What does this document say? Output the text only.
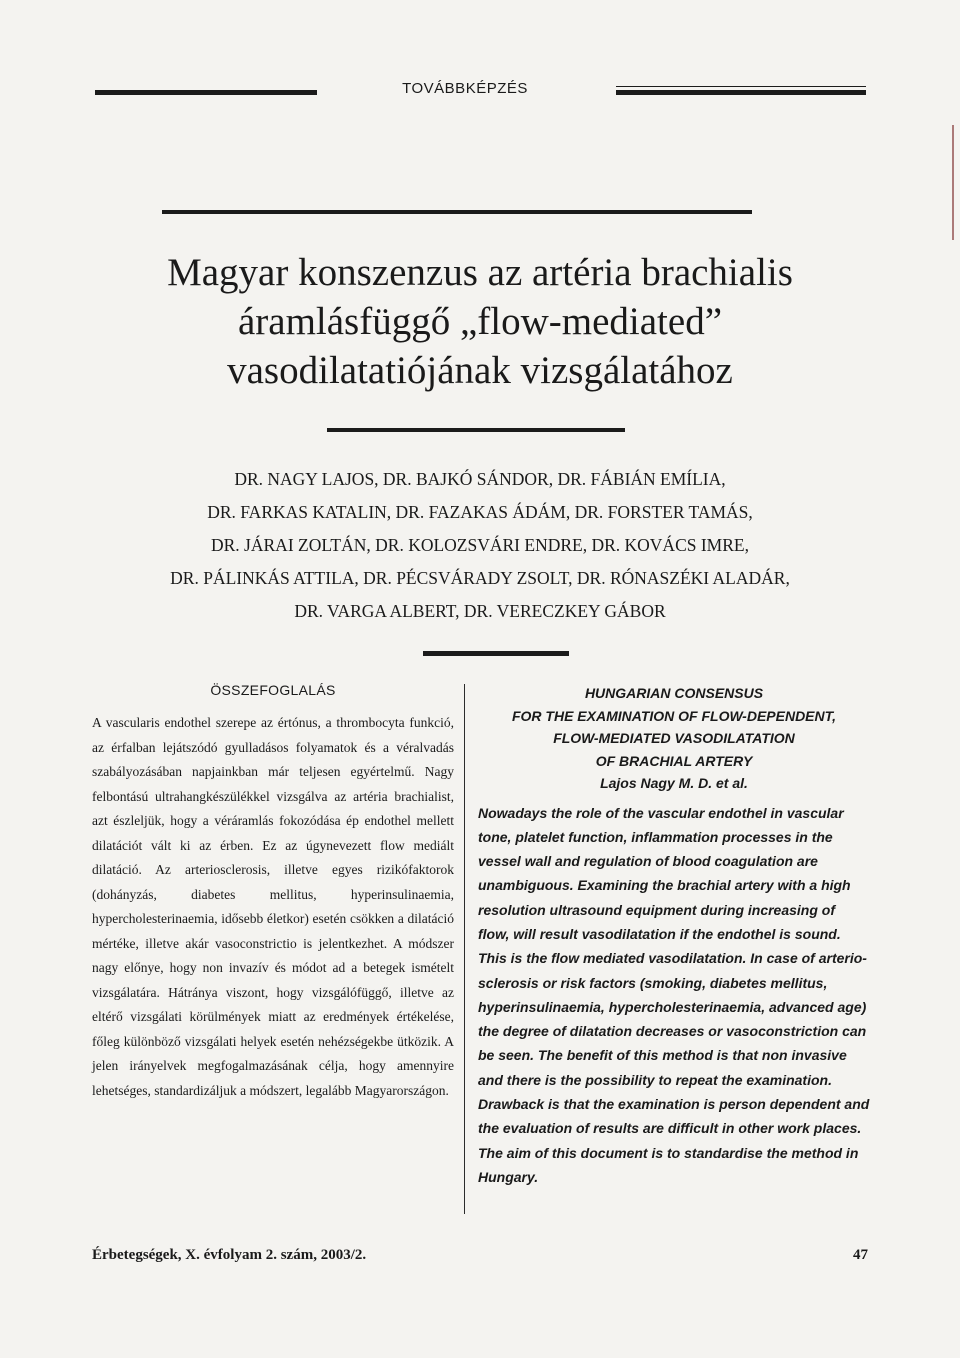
TOVÁBBKÉPZÉS
Magyar konszenzus az artéria brachialis
áramlásfüggő „flow-mediated”
vasodilatatiójának vizsgálatához
DR. NAGY LAJOS, DR. BAJKÓ SÁNDOR, DR. FÁBIÁN EMÍLIA,
DR. FARKAS KATALIN, DR. FAZAKAS ÁDÁM, DR. FORSTER TAMÁS,
DR. JÁRAI ZOLTÁN, DR. KOLOZSVÁRI ENDRE, DR. KOVÁCS IMRE,
DR. PÁLINKÁS ATTILA, DR. PÉCSVÁRADY ZSOLT, DR. RÓNASZÉKI ALADÁR,
DR. VARGA ALBERT, DR. VERECZKEY GÁBOR
ÖSSZEFOGLALÁS

A vascularis endothel szerepe az értónus, a thrombocyta funkció, az érfalban lejátszódó gyulladásos folyamatok és a véralvadás szabályozásában napjainkban már teljesen egyértelmű. Nagy felbontású ultrahangkészülékkel vizsgálva az artéria brachialist, azt észleljük, hogy a véráramlás fokozódása ép endothel mellett dilatációt vált ki az érben. Ez az úgynevezett flow mediált dilatáció. Az arteriosclerosis, illetve egyes rizikófaktorok (dohányzás, diabetes mellitus, hyperinsulinaemia, hypercholesterinaemia, idősebb életkor) esetén csökken a dilatáció mértéke, illetve akár vasoconstrictio is jelentkezhet. A módszer nagy előnye, hogy non invazív és módot ad a betegek ismételt vizsgálatára. Hátránya viszont, hogy vizsgálófüggő, illetve az eltérő vizsgálati körülmények miatt az eredmények értékelése, főleg különböző vizsgálati helyek esetén nehézségekbe ütközik. A jelen irányelvek megfogalmazásának célja, hogy amennyire lehetséges, standardizáljuk a módszert, legalább Magyarországon.

HUNGARIAN CONSENSUS
FOR THE EXAMINATION OF FLOW-DEPENDENT,
FLOW-MEDIATED VASODILATATION
OF BRACHIAL ARTERY
Lajos Nagy M. D. et al.

Nowadays the role of the vascular endothel in vascular tone, platelet function, inflammation processes in the vessel wall and regulation of blood coagulation are unambiguous. Examining the brachial artery with a high resolution ultrasound equipment during increasing of flow, will result vasodilatation if the endothel is sound. This is the flow mediated vasodilatation. In case of arterio-sclerosis or risk factors (smoking, diabetes mellitus, hyperinsulinaemia, hypercholesterinaemia, advanced age) the degree of dilatation decreases or vasoconstriction can be seen. The benefit of this method is that non invasive and there is the possibility to repeat the examination. Drawback is that the examination is person dependent and the evaluation of results are difficult in other work places. The aim of this document is to standardise the method in Hungary.

Érbetegségek, X. évfolyam 2. szám, 2003/2.	47
